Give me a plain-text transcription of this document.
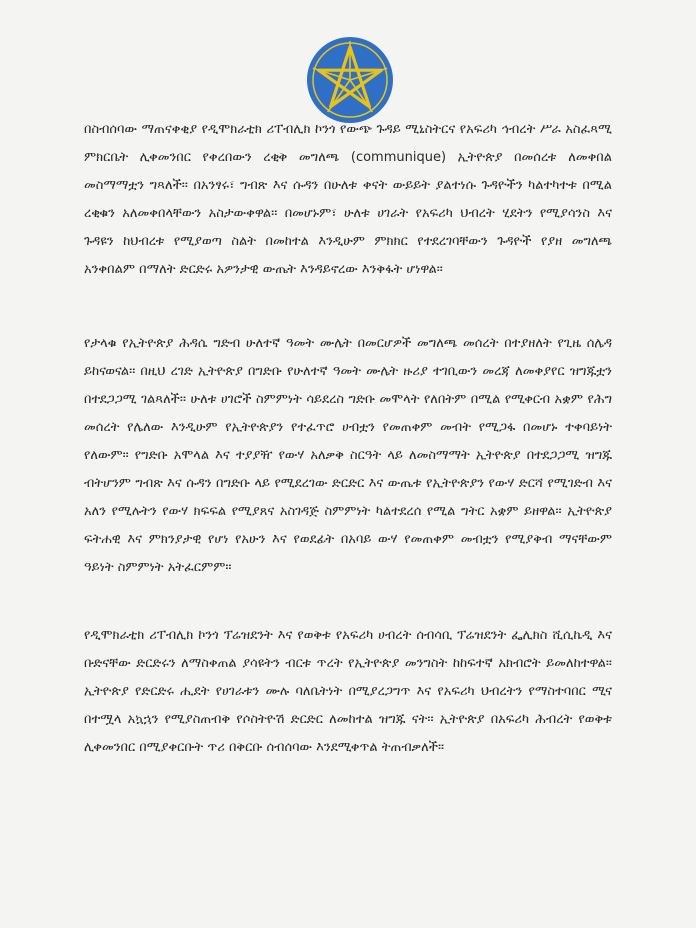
በስብሰባው ማጠናቀቂያ የዲሞክራቲክ ሪፐብሊክ ኮንጎ የውጭ ጉዳይ ሚኒስትርና የአፍሪካ ኅብረት ሥራ አስፈጻሚ ምክርቤት ሊቀመንበር የቀረበውን ረቂቅ መግለጫ (communique) ኢትዮጵያ በመሰረቱ ለመቀበል መስማማቷን ግጻለች፡፡ በአንፃሩ፣ ግብጽ እና ሱዳን በሁለቱ ቀናት ውይይት ያልተነሱ ጉዳዮችን ካልተካተቱ በሚል ረቂቁን አለመቀበላቸውን አስታውቀዋል፡፡ በመሆኑም፣ ሁለቱ ሀገራት የአፍሪካ ህብረት ሂደትን የሚያሳንስ እና ጉዳዩን ከህብረቱ የሚያወጣ ስልት በመከተል እንዲሁም ምክክር የተደረገባቸውን ጉዳዮች የያዘ መግለጫ አንቀበልም በማለት ድርድሩ አዎንታዊ ውጤት እንዳይኖረው እንቅፋት ሆነዋል፡፡

የታላቁ የኢትዮጵያ ሕዳሴ ግድብ ሁለተኛ ዓመት ሙሌት በመርሆዎች መግለጫ መሰረት በተያዘለት የጊዜ ሰሌዳ ይከናወናል፡፡ በዚህ ረገድ ኢትዮጵያ በግድቡ የሁለተኛ ዓመት ሙሌት ዙሪያ ተገቢውን መረጃ ለመቀያየር ዝግጁቷን በተደጋጋሚ ገልጻለች፡፡ ሁለቱ ሀገሮች ስምምነት ሳይደረስ ግድቡ መሞላት የለበትም በሚል የሚቀርብ አቋም የሕግ መሰረት የሌለው እንዲሁም የኢትዮጵያን የተፈጥሮ ሀብቷን የመጠቀም መብት የሚጋፋ በመሆኑ ተቀባይነት የለውም፡፡ የግድቡ አሞላል እና ተያያዥ የውሃ አለቃቅ ስርዓት ላይ ለመስማማት ኢትዮጵያ በተደጋጋሚ ዝግጁ ብትሆንም ግብጽ እና ሱዳን በግድቡ ላይ የሚደረገው ድርድር እና ውጤቱ የኢትዮጵያን የውሃ ድርሻ የሚገድብ እና አለን የሚሉትን የውሃ ክፍፍል የሚያጸና አስገዳጅ ስምምነት ካልተደረሰ የሚል ግትር አቋም ይዘዋል፡፡ ኢትዮጵያ ፍትሐዊ እና ምክንያታዊ የሆነ የአሁን እና የወደፊት በአባይ ውሃ የመጠቀም መብቷን የሚያቅብ ማናቸውም ዓይነት ስምምነት አትፈርምም፡፡

የዲሞክራቲክ ሪፐብሊክ ኮንጎ ፕሬዝደንት እና የወቅቱ የአፍሪካ ሀብረት ሰብሳቢ ፕሬዝደንት ፌሊክስ ሺሲኬዲ እና ቡድናቸው ድርድሩን ለማስቀጠል ያሳዩትን ብርቱ ጥረት የኢትዮጵያ መንግስት ከከፍተኛ አክብሮት ይመለከተዋል፡፡ ኢትዮጵያ የድርድሩ ሒደት የሀገራቱን ሙሉ ባለቤትነት በሚያረጋግጥ እና የአፍሪካ ህብረትን የማስተባበር ሚና በተሟላ አኳኋን የሚያስጠብቅ የሶስትዮሽ ድርድር ለመከተል ዝግጁ ናት፡፡ ኢትዮጵያ በአፍሪካ ሕብረት የወቅቱ ሊቀመንበር በሚያቀርቡት ጥሪ በቅርቡ ሰብሰባው እንደሚቀጥል ትጠብቃለች፡፡
